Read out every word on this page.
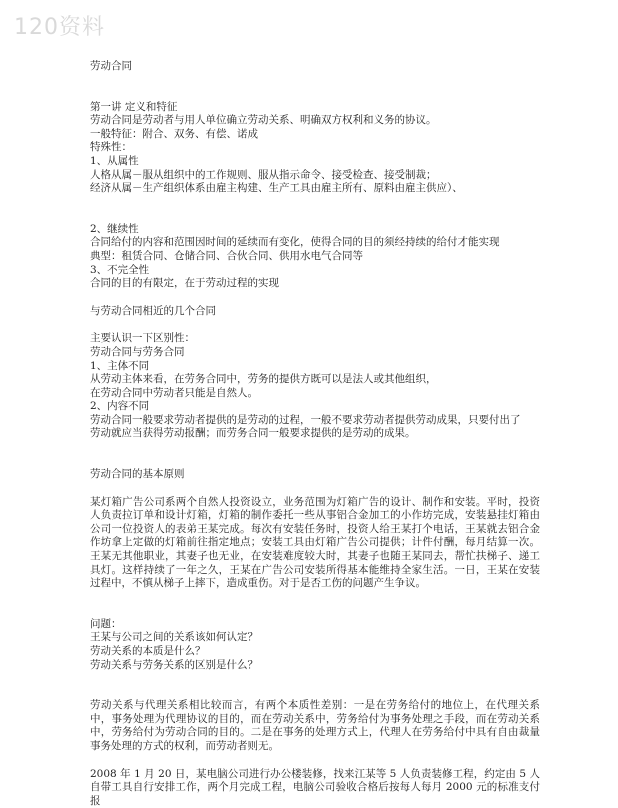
120资料

劳动合同

第一讲 定义和特征

劳动合同是劳动者与用人单位确立劳动关系、明确双方权利和义务的协议。

一般特征：附合、双务、有偿、诺成

特殊性：

1、从属性

人格从属－服从组织中的工作规则、服从指示命令、接受检查、接受制裁；

经济从属－生产组织体系由雇主构建、生产工具由雇主所有、原料由雇主供应）、

2、继续性

合同给付的内容和范围因时间的延续而有变化，使得合同的目的须经持续的给付才能实现

典型：租赁合同、仓储合同、合伙合同、供用水电气合同等

3、不完全性

合同的目的有限定，在于劳动过程的实现

与劳动合同相近的几个合同

主要认识一下区别性：

劳动合同与劳务合同

1、主体不同

从劳动主体来看，在劳务合同中，劳务的提供方既可以是法人或其他组织，

在劳动合同中劳动者只能是自然人。

2、内容不同

劳动合同一般要求劳动者提供的是劳动的过程，一般不要求劳动者提供劳动成果，只要付出了

劳动就应当获得劳动报酬；而劳务合同一般要求提供的是劳动的成果。

劳动合同的基本原则

某灯箱广告公司系两个自然人投资设立，业务范围为灯箱广告的设计、制作和安装。平时，投资人负责拉订单和设计灯箱，灯箱的制作委托一些从事铝合金加工的小作坊完成，安装悬挂灯箱由公司一位投资人的表弟王某完成。每次有安装任务时，投资人给王某打个电话，王某就去铝合金作坊拿上定做的灯箱前往指定地点；安装工具由灯箱广告公司提供；计件付酬，每月结算一次。王某无其他职业，其妻子也无业，在安装难度较大时，其妻子也随王某同去，帮忙扶梯子、递工具灯。这样持续了一年之久，王某在广告公司安装所得基本能维持全家生活。一日，王某在安装过程中，不慎从梯子上摔下，造成重伤。对于是否工伤的问题产生争议。

问题：

王某与公司之间的关系该如何认定？

劳动关系的本质是什么？

劳动关系与劳务关系的区别是什么？

劳动关系与代理关系相比较而言，有两个本质性差别：一是在劳务给付的地位上，在代理关系中，事务处理为代理协议的目的，而在劳动关系中，劳务给付为事务处理之手段，而在劳动关系中，劳务给付为劳动合同的目的。二是在事务的处理方式上，代理人在劳务给付中具有自由裁量事务处理的方式的权利，而劳动者则无。

2008 年 1 月 20 日，某电脑公司进行办公楼装修，找来江某等 5 人负责装修工程，约定由 5 人自带工具自行安排工作，两个月完成工程，电脑公司验收合格后按每人每月 2000 元的标准支付报
